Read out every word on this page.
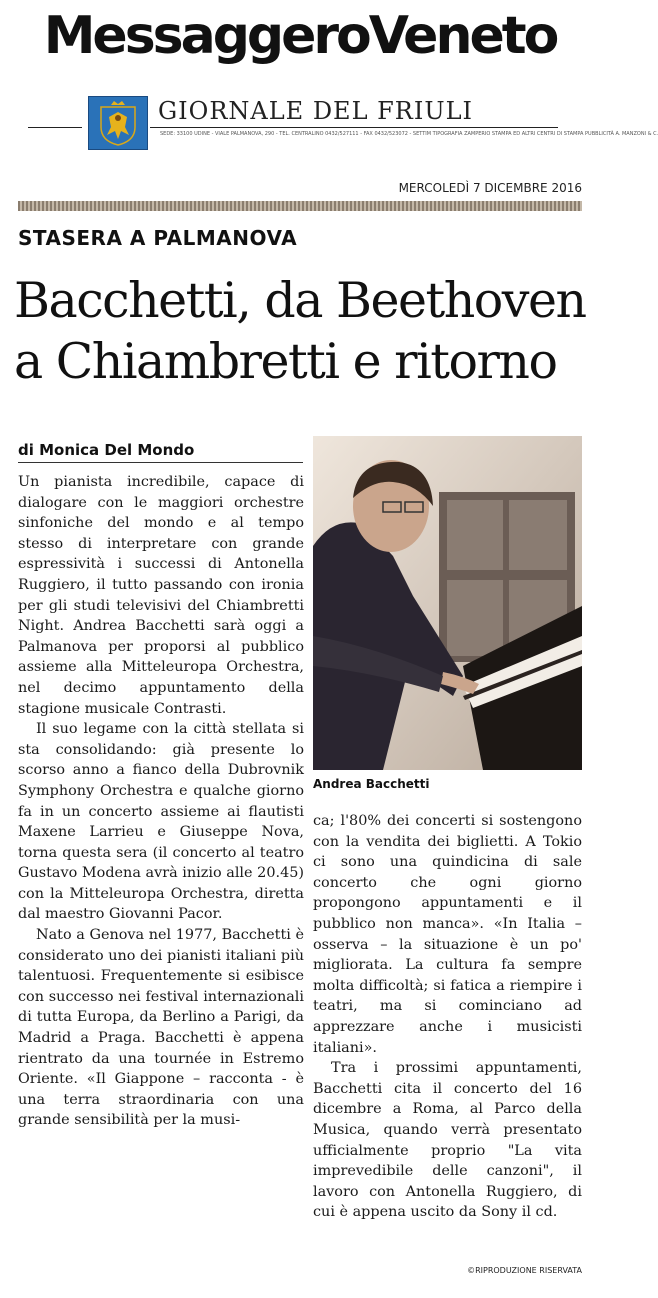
MessaggeroVeneto
GIORNALE DEL FRIULI
SEDE: 33100 UDINE - VIALE PALMANOVA, 290 - TEL. CENTRALINO 0432/527111 - FAX 0432/523072 - SETTIM TIPOGRAFIA ZAMPERIO STAMPA ED ALTRI CENTRI DI STAMPA PUBBLICITÀ A. MANZONI & C.
MERCOLEDÌ 7 DICEMBRE 2016
STASERA A PALMANOVA
Bacchetti, da Beethoven
a Chiambretti e ritorno
di Monica Del Mondo

Un pianista incredibile, capace di dialogare con le maggiori orchestre sinfoniche del mondo e al tempo stesso di interpretare con grande espressività i successi di Antonella Ruggiero, il tutto passando con ironia per gli studi televisivi del Chiambretti Night. Andrea Bacchetti sarà oggi a Palmanova per proporsi al pubblico assieme alla Mitteleuropa Orchestra, nel decimo appuntamento della stagione musicale Contrasti.

Il suo legame con la città stellata si sta consolidando: già presente lo scorso anno a fianco della Dubrovnik Symphony Orchestra e qualche giorno fa in un concerto assieme ai flautisti Maxene Larrieu e Giuseppe Nova, torna questa sera (il concerto al teatro Gustavo Modena avrà inizio alle 20.45) con la Mitteleuropa Orchestra, diretta dal maestro Giovanni Pacor.

Nato a Genova nel 1977, Bacchetti è considerato uno dei pianisti italiani più talentuosi. Frequentemente si esibisce con successo nei festival internazionali di tutta Europa, da Berlino a Parigi, da Madrid a Praga. Bacchetti è appena rientrato da una tournée in Estremo Oriente. «Il Giappone – racconta - è una terra straordinaria con una grande sensibilità per la musi-

Andrea Bacchetti

ca; l'80% dei concerti si sostengono con la vendita dei biglietti. A Tokio ci sono una quindicina di sale concerto che ogni giorno propongono appuntamenti e il pubblico non manca». «In Italia – osserva – la situazione è un po' migliorata. La cultura fa sempre molta difficoltà; si fatica a riempire i teatri, ma si cominciano ad apprezzare anche i musicisti italiani».

Tra i prossimi appuntamenti, Bacchetti cita il concerto del 16 dicembre a Roma, al Parco della Musica, quando verrà presentato ufficialmente proprio "La vita imprevedibile delle canzoni", il lavoro con Antonella Ruggiero, di cui è appena uscito da Sony il cd.

©RIPRODUZIONE RISERVATA
